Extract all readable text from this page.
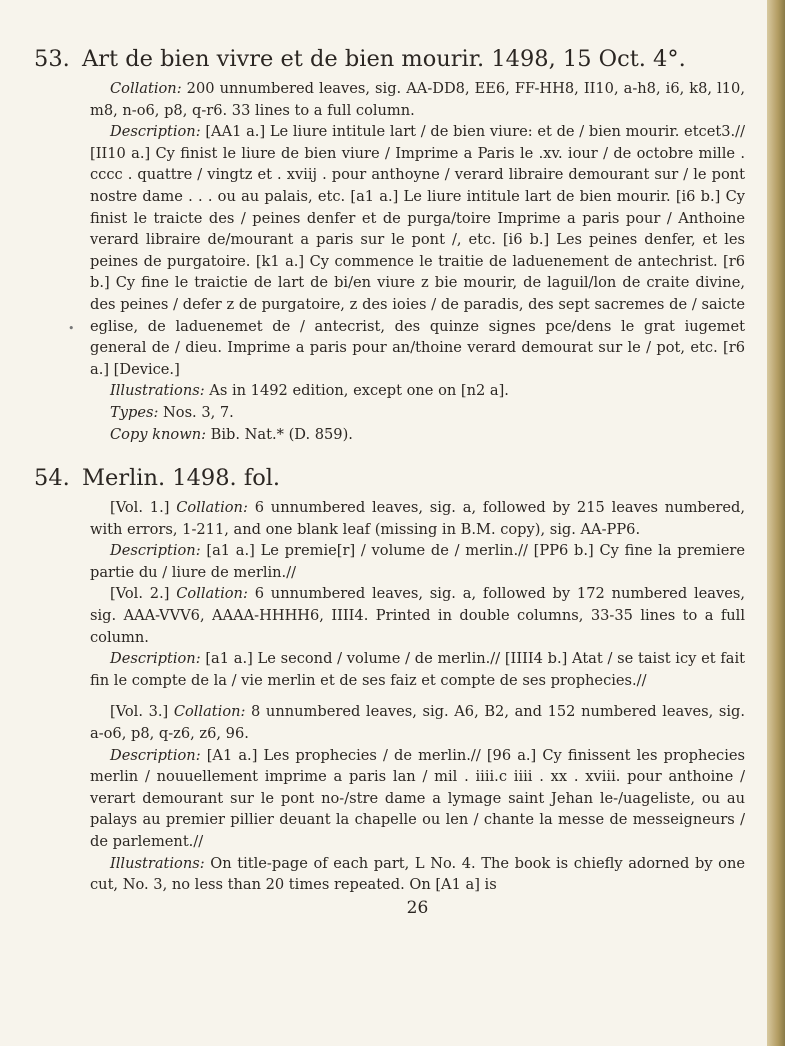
•
53. Art de bien vivre et de bien mourir. 1498, 15 Oct. 4°.

Collation: 200 unnumbered leaves, sig. AA-DD8, EE6, FF-HH8, II10, a-h8, i6, k8, l10, m8, n-o6, p8, q-r6. 33 lines to a full column.

Description: [AA1 a.] Le liure intitule lart / de bien viure: et de / bien mourir. etcet3.// [II10 a.] Cy finist le liure de bien viure / Imprime a Paris le .xv. iour / de octobre mille . cccc . quattre / vingtz et . xviij . pour anthoyne / verard libraire demourant sur / le pont nostre dame . . . ou au palais, etc. [a1 a.] Le liure intitule lart de bien mourir. [i6 b.] Cy finist le traicte des / peines denfer et de purga/toire Imprime a paris pour / Anthoine verard libraire de/mourant a paris sur le pont /, etc. [i6 b.] Les peines denfer, et les peines de purgatoire. [k1 a.] Cy commence le traitie de laduenement de antechrist. [r6 b.] Cy fine le traictie de lart de bi/en viure z bie mourir, de laguil/lon de craite divine, des peines / defer z de purgatoire, z des ioies / de paradis, des sept sacremes de / saicte eglise, de laduenemet de / antecrist, des quinze signes pce/dens le grat iugemet general de / dieu. Imprime a paris pour an/thoine verard demourat sur le / pot, etc. [r6 a.] [Device.]

Illustrations: As in 1492 edition, except one on [n2 a].

Types: Nos. 3, 7.

Copy known: Bib. Nat.* (D. 859).

54. Merlin. 1498. fol.

[Vol. 1.] Collation: 6 unnumbered leaves, sig. a, followed by 215 leaves numbered, with errors, 1-211, and one blank leaf (missing in B.M. copy), sig. AA-PP6.

Description: [a1 a.] Le premie[r] / volume de / merlin.// [PP6 b.] Cy fine la premiere partie du / liure de merlin.//

[Vol. 2.] Collation: 6 unnumbered leaves, sig. a, followed by 172 numbered leaves, sig. AAA-VVV6, AAAA-HHHH6, IIII4. Printed in double columns, 33-35 lines to a full column.

Description: [a1 a.] Le second / volume / de merlin.// [IIII4 b.] Atat / se taist icy et fait fin le compte de la / vie merlin et de ses faiz et compte de ses prophecies.//

[Vol. 3.] Collation: 8 unnumbered leaves, sig. A6, B2, and 152 numbered leaves, sig. a-o6, p8, q-z6, z6, 96.

Description: [A1 a.] Les prophecies / de merlin.// [96 a.] Cy finissent les prophecies merlin / nouuellement imprime a paris lan / mil . iiii.c iiii . xx . xviii. pour anthoine / verart demourant sur le pont no-/stre dame a lymage saint Jehan le-/uageliste, ou au palays au premier pillier deuant la chapelle ou len / chante la messe de messeigneurs / de parlement.//

Illustrations: On title-page of each part, L No. 4. The book is chiefly adorned by one cut, No. 3, no less than 20 times repeated. On [A1 a] is

26
